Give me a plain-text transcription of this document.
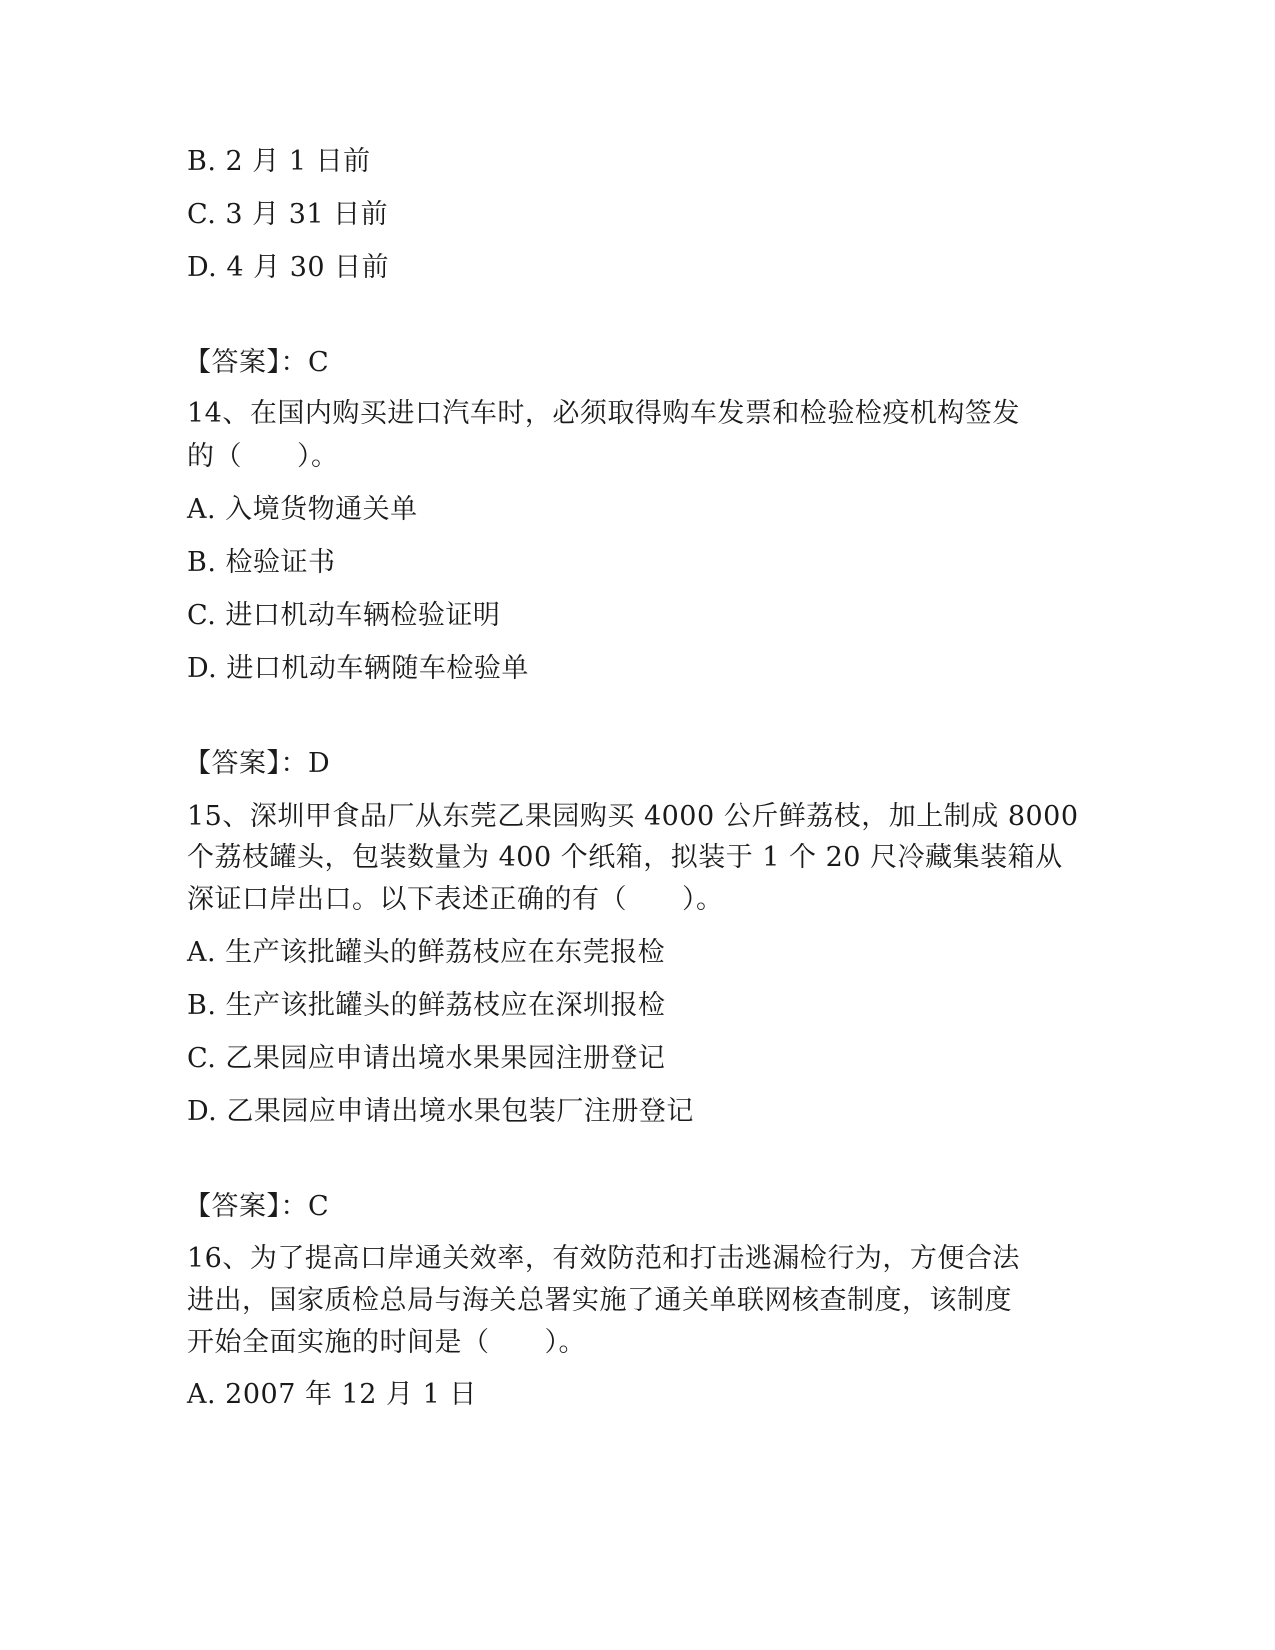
B. 2 月 1 日前
C. 3 月 31 日前
D. 4 月 30 日前
【答案】：C
14、在国内购买进口汽车时，必须取得购车发票和检验检疫机构签发
的（　　）。
A. 入境货物通关单
B. 检验证书
C. 进口机动车辆检验证明
D. 进口机动车辆随车检验单
【答案】：D
15、深圳甲食品厂从东莞乙果园购买 4000 公斤鲜荔枝，加上制成 8000
个荔枝罐头，包装数量为 400 个纸箱，拟装于 1 个 20 尺冷藏集装箱从
深证口岸出口。以下表述正确的有（　　）。
A. 生产该批罐头的鲜荔枝应在东莞报检
B. 生产该批罐头的鲜荔枝应在深圳报检
C. 乙果园应申请出境水果果园注册登记
D. 乙果园应申请出境水果包装厂注册登记
【答案】：C
16、为了提高口岸通关效率，有效防范和打击逃漏检行为，方便合法
进出，国家质检总局与海关总署实施了通关单联网核查制度，该制度
开始全面实施的时间是（　　）。
A. 2007 年 12 月 1 日
